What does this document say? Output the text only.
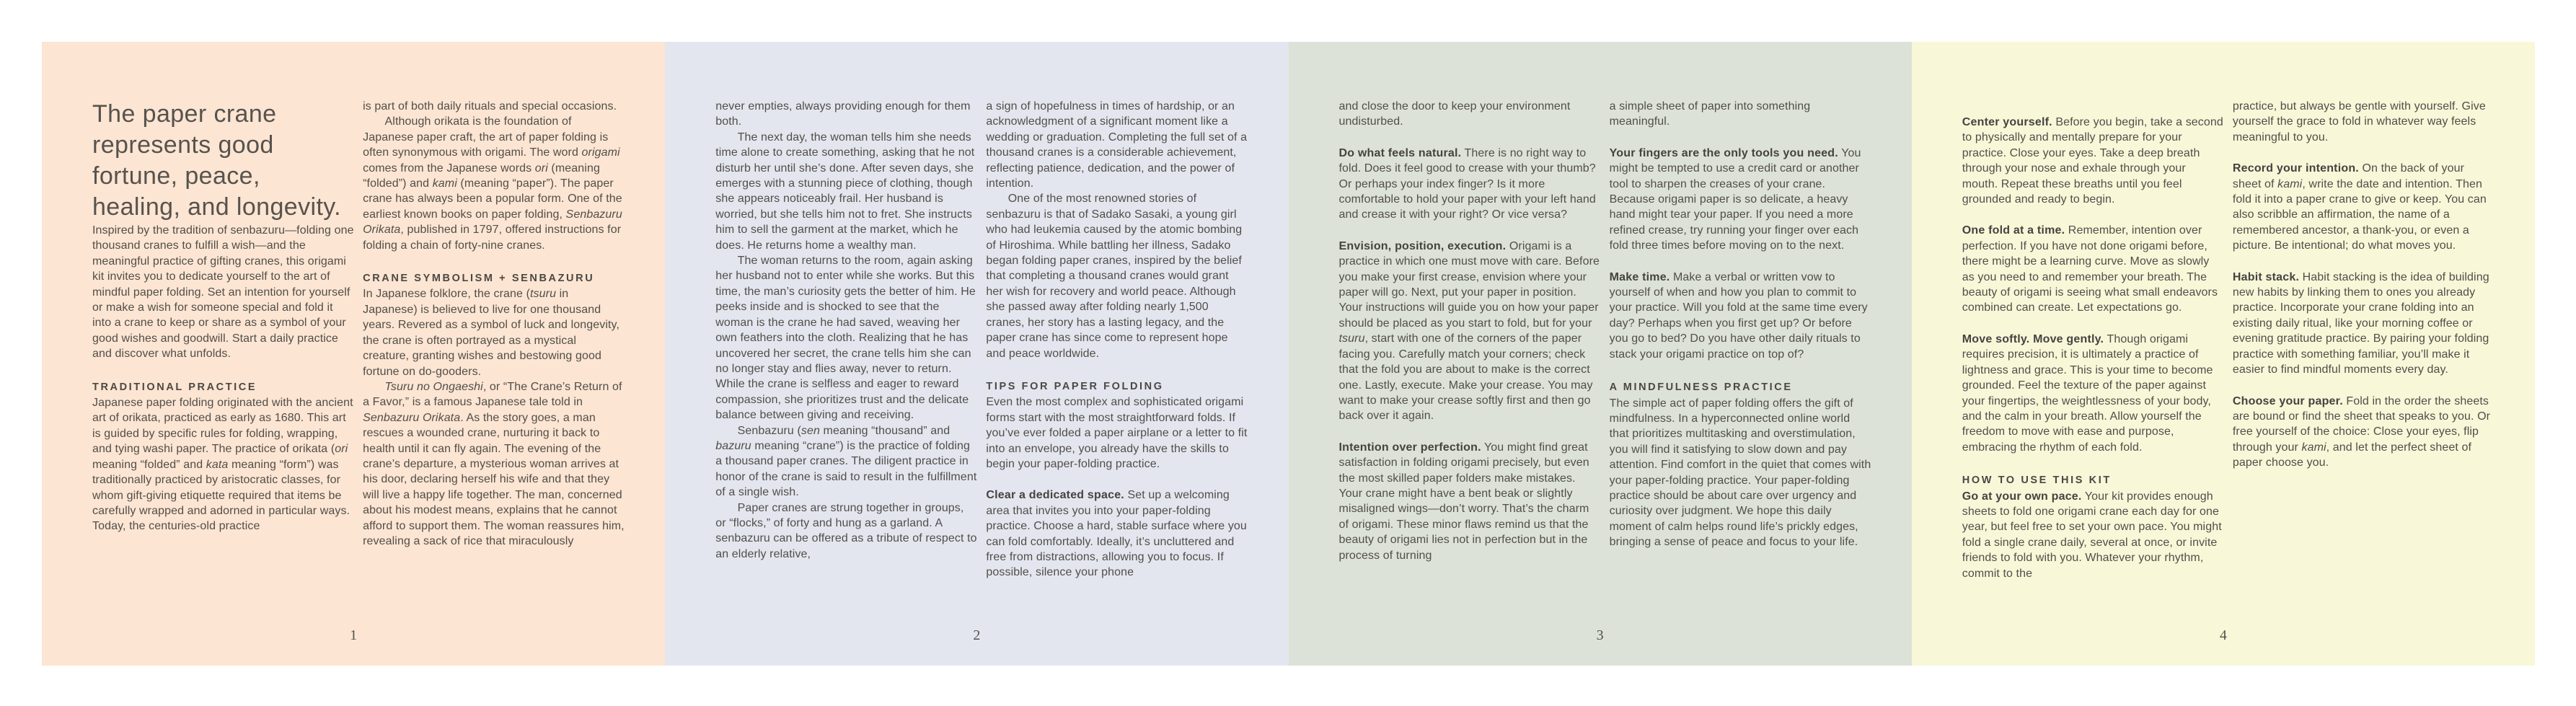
The paper crane represents good fortune, peace, healing, and longevity.

Inspired by the tradition of senbazuru—folding one thousand cranes to fulfill a wish—and the meaningful practice of gifting cranes, this origami kit invites you to dedicate yourself to the art of mindful paper folding. Set an intention for yourself or make a wish for someone special and fold it into a crane to keep or share as a symbol of your good wishes and goodwill. Start a daily practice and discover what unfolds.

TRADITIONAL PRACTICE

Japanese paper folding originated with the ancient art of orikata, practiced as early as 1680. This art is guided by specific rules for folding, wrapping, and tying washi paper. The practice of orikata (ori meaning “folded” and kata meaning “form”) was traditionally practiced by aristocratic classes, for whom gift-giving etiquette required that items be carefully wrapped and adorned in particular ways. Today, the centuries-old practice

is part of both daily rituals and special occasions.

Although orikata is the foundation of Japanese paper craft, the art of paper folding is often synonymous with origami. The word origami comes from the Japanese words ori (meaning “folded”) and kami (meaning “paper”). The paper crane has always been a popular form. One of the earliest known books on paper folding, Senbazuru Orikata, published in 1797, offered instructions for folding a chain of forty-nine cranes.

CRANE SYMBOLISM + SENBAZURU

In Japanese folklore, the crane (tsuru in Japanese) is believed to live for one thousand years. Revered as a symbol of luck and longevity, the crane is often portrayed as a mystical creature, granting wishes and bestowing good fortune on do-gooders.

Tsuru no Ongaeshi, or “The Crane’s Return of a Favor,” is a famous Japanese tale told in Senbazuru Orikata. As the story goes, a man rescues a wounded crane, nurturing it back to health until it can fly again. The evening of the crane’s departure, a mysterious woman arrives at his door, declaring herself his wife and that they will live a happy life together. The man, concerned about his modest means, explains that he cannot afford to support them. The woman reassures him, revealing a sack of rice that miraculously

1

never empties, always providing enough for them both.

The next day, the woman tells him she needs time alone to create something, asking that he not disturb her until she’s done. After seven days, she emerges with a stunning piece of clothing, though she appears noticeably frail. Her husband is worried, but she tells him not to fret. She instructs him to sell the garment at the market, which he does. He returns home a wealthy man.

The woman returns to the room, again asking her husband not to enter while she works. But this time, the man’s curiosity gets the better of him. He peeks inside and is shocked to see that the woman is the crane he had saved, weaving her own feathers into the cloth. Realizing that he has uncovered her secret, the crane tells him she can no longer stay and flies away, never to return. While the crane is selfless and eager to reward compassion, she prioritizes trust and the delicate balance between giving and receiving.

Senbazuru (sen meaning “thousand” and bazuru meaning “crane”) is the practice of folding a thousand paper cranes. The diligent practice in honor of the crane is said to result in the fulfillment of a single wish.

Paper cranes are strung together in groups, or “flocks,” of forty and hung as a garland. A senbazuru can be offered as a tribute of respect to an elderly relative,

a sign of hopefulness in times of hardship, or an acknowledgment of a significant moment like a wedding or graduation. Completing the full set of a thousand cranes is a considerable achievement, reflecting patience, dedication, and the power of intention.

One of the most renowned stories of senbazuru is that of Sadako Sasaki, a young girl who had leukemia caused by the atomic bombing of Hiroshima. While battling her illness, Sadako began folding paper cranes, inspired by the belief that completing a thousand cranes would grant her wish for recovery and world peace. Although she passed away after folding nearly 1,500 cranes, her story has a lasting legacy, and the paper crane has since come to represent hope and peace worldwide.

TIPS FOR PAPER FOLDING

Even the most complex and sophisticated origami forms start with the most straightforward folds. If you’ve ever folded a paper airplane or a letter to fit into an envelope, you already have the skills to begin your paper-folding practice.

Clear a dedicated space. Set up a welcoming area that invites you into your paper-folding practice. Choose a hard, stable surface where you can fold comfortably. Ideally, it’s uncluttered and free from distractions, allowing you to focus. If possible, silence your phone

2

and close the door to keep your environment undisturbed.

Do what feels natural. There is no right way to fold. Does it feel good to crease with your thumb? Or perhaps your index finger? Is it more comfortable to hold your paper with your left hand and crease it with your right? Or vice versa?

Envision, position, execution. Origami is a practice in which one must move with care. Before you make your first crease, envision where your paper will go. Next, put your paper in position. Your instructions will guide you on how your paper should be placed as you start to fold, but for your tsuru, start with one of the corners of the paper facing you. Carefully match your corners; check that the fold you are about to make is the correct one. Lastly, execute. Make your crease. You may want to make your crease softly first and then go back over it again.

Intention over perfection. You might find great satisfaction in folding origami precisely, but even the most skilled paper folders make mistakes. Your crane might have a bent beak or slightly misaligned wings—don’t worry. That’s the charm of origami. These minor flaws remind us that the beauty of origami lies not in perfection but in the process of turning

a simple sheet of paper into something meaningful.

Your fingers are the only tools you need. You might be tempted to use a credit card or another tool to sharpen the creases of your crane. Because origami paper is so delicate, a heavy hand might tear your paper. If you need a more refined crease, try running your finger over each fold three times before moving on to the next.

Make time. Make a verbal or written vow to yourself of when and how you plan to commit to your practice. Will you fold at the same time every day? Perhaps when you first get up? Or before you go to bed? Do you have other daily rituals to stack your origami practice on top of?

A MINDFULNESS PRACTICE

The simple act of paper folding offers the gift of mindfulness. In a hyperconnected online world that prioritizes multitasking and overstimulation, you will find it satisfying to slow down and pay attention. Find comfort in the quiet that comes with your paper-folding practice. Your paper-folding practice should be about care over urgency and curiosity over judgment. We hope this daily moment of calm helps round life’s prickly edges, bringing a sense of peace and focus to your life.

3

Center yourself. Before you begin, take a second to physically and mentally prepare for your practice. Close your eyes. Take a deep breath through your nose and exhale through your mouth. Repeat these breaths until you feel grounded and ready to begin.

One fold at a time. Remember, intention over perfection. If you have not done origami before, there might be a learning curve. Move as slowly as you need to and remember your breath. The beauty of origami is seeing what small endeavors combined can create. Let expectations go.

Move softly. Move gently. Though origami requires precision, it is ultimately a practice of lightness and grace. This is your time to become grounded. Feel the texture of the paper against your fingertips, the weightlessness of your body, and the calm in your breath. Allow yourself the freedom to move with ease and purpose, embracing the rhythm of each fold.

HOW TO USE THIS KIT

Go at your own pace. Your kit provides enough sheets to fold one origami crane each day for one year, but feel free to set your own pace. You might fold a single crane daily, several at once, or invite friends to fold with you. Whatever your rhythm, commit to the

practice, but always be gentle with yourself. Give yourself the grace to fold in whatever way feels meaningful to you.

Record your intention. On the back of your sheet of kami, write the date and intention. Then fold it into a paper crane to give or keep. You can also scribble an affirmation, the name of a remembered ancestor, a thank-you, or even a picture. Be intentional; do what moves you.

Habit stack. Habit stacking is the idea of building new habits by linking them to ones you already practice. Incorporate your crane folding into an existing daily ritual, like your morning coffee or evening gratitude practice. By pairing your folding practice with something familiar, you’ll make it easier to find mindful moments every day.

Choose your paper. Fold in the order the sheets are bound or find the sheet that speaks to you. Or free yourself of the choice: Close your eyes, flip through your kami, and let the perfect sheet of paper choose you.

4
